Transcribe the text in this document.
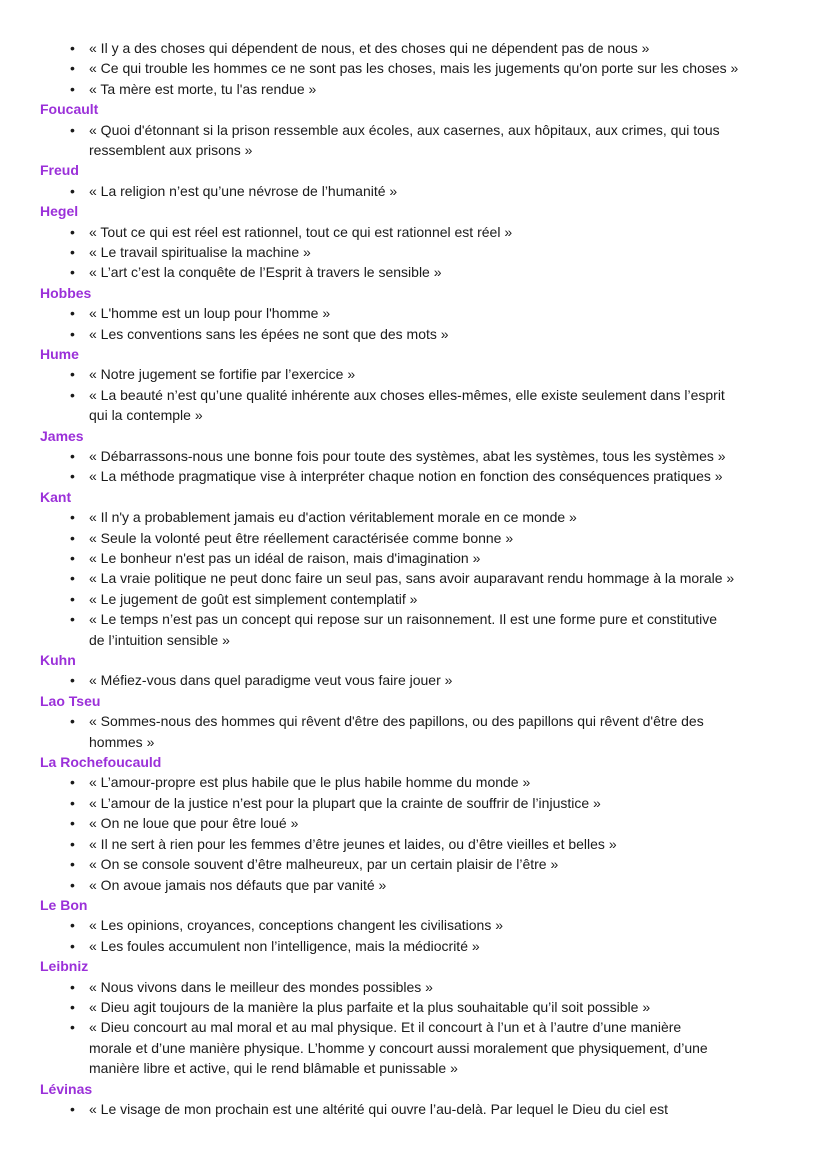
• « Il y a des choses qui dépendent de nous, et des choses qui ne dépendent pas de nous »
• « Ce qui trouble les hommes ce ne sont pas les choses, mais les jugements qu'on porte sur les choses »
• « Ta mère est morte, tu l'as rendue »
Foucault
• « Quoi d'étonnant si la prison ressemble aux écoles, aux casernes, aux hôpitaux, aux crimes, qui tous
ressemblent aux prisons »
Freud
• « La religion n’est qu’une névrose de l’humanité »
Hegel
• « Tout ce qui est réel est rationnel, tout ce qui est rationnel est réel »
• « Le travail spiritualise la machine »
• « L’art c’est la conquête de l’Esprit à travers le sensible »
Hobbes
• « L'homme est un loup pour l'homme »
• « Les conventions sans les épées ne sont que des mots »
Hume
• « Notre jugement se fortifie par l’exercice »
• « La beauté n’est qu’une qualité inhérente aux choses elles-mêmes, elle existe seulement dans l’esprit
qui la contemple »
James
• « Débarrassons-nous une bonne fois pour toute des systèmes, abat les systèmes, tous les systèmes »
• « La méthode pragmatique vise à interpréter chaque notion en fonction des conséquences pratiques »
Kant
• « Il n'y a probablement jamais eu d'action véritablement morale en ce monde »
• « Seule la volonté peut être réellement caractérisée comme bonne »
• « Le bonheur n'est pas un idéal de raison, mais d'imagination »
• « La vraie politique ne peut donc faire un seul pas, sans avoir auparavant rendu hommage à la morale »
• « Le jugement de goût est simplement contemplatif »
• « Le temps n’est pas un concept qui repose sur un raisonnement. Il est une forme pure et constitutive
de l’intuition sensible »
Kuhn
• « Méfiez-vous dans quel paradigme veut vous faire jouer »
Lao Tseu
• « Sommes-nous des hommes qui rêvent d'être des papillons, ou des papillons qui rêvent d'être des
hommes »
La Rochefoucauld
• « L’amour-propre est plus habile que le plus habile homme du monde »
• « L’amour de la justice n’est pour la plupart que la crainte de souffrir de l’injustice »
• « On ne loue que pour être loué »
• « Il ne sert à rien pour les femmes d’être jeunes et laides, ou d’être vieilles et belles »
• « On se console souvent d’être malheureux, par un certain plaisir de l’être »
• « On avoue jamais nos défauts que par vanité »
Le Bon
• « Les opinions, croyances, conceptions changent les civilisations »
• « Les foules accumulent non l’intelligence, mais la médiocrité »
Leibniz
• « Nous vivons dans le meilleur des mondes possibles »
• « Dieu agit toujours de la manière la plus parfaite et la plus souhaitable qu’il soit possible »
• « Dieu concourt au mal moral et au mal physique. Et il concourt à l’un et à l’autre d’une manière
morale et d’une manière physique. L’homme y concourt aussi moralement que physiquement, d’une
manière libre et active, qui le rend blâmable et punissable »
Lévinas
• « Le visage de mon prochain est une altérité qui ouvre l’au-delà. Par lequel le Dieu du ciel est
